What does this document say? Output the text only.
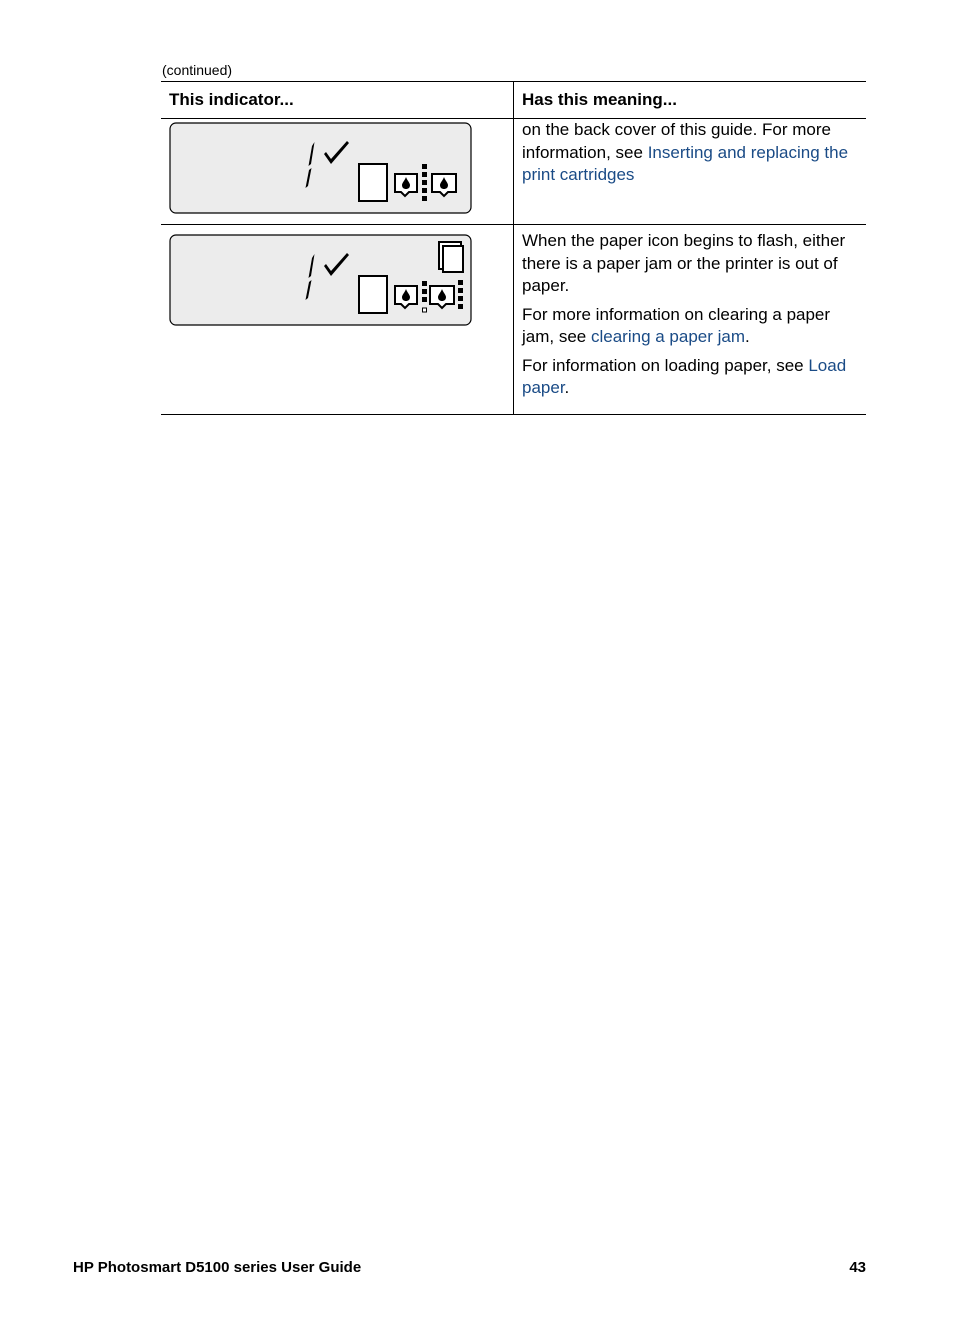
(continued)
This indicator...	Has this meaning...

	on the back cover of this guide. For more information, see Inserting and replacing the print cartridges

When the paper icon begins to flash, either there is a paper jam or the printer is out of paper.

For more information on clearing a paper jam, see clearing a paper jam.

For information on loading paper, see Load paper.

HP Photosmart D5100 series User Guide	43
